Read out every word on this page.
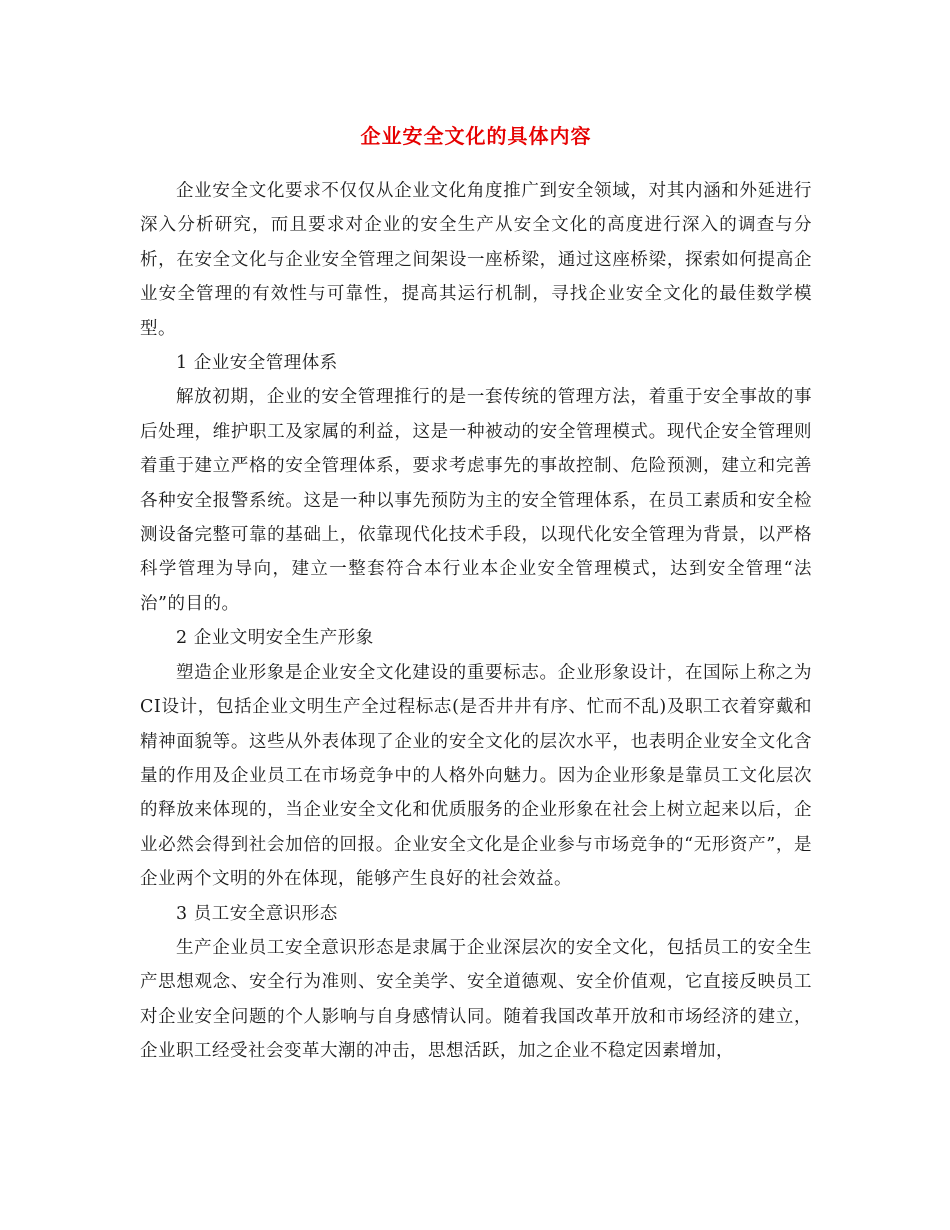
企业安全文化的具体内容

企业安全文化要求不仅仅从企业文化角度推广到安全领域，对其内涵和外延进行深入分析研究，而且要求对企业的安全生产从安全文化的高度进行深入的调查与分析，在安全文化与企业安全管理之间架设一座桥梁，通过这座桥梁，探索如何提高企业安全管理的有效性与可靠性，提高其运行机制，寻找企业安全文化的最佳数学模型。

1 企业安全管理体系

解放初期，企业的安全管理推行的是一套传统的管理方法，着重于安全事故的事后处理，维护职工及家属的利益，这是一种被动的安全管理模式。现代企安全管理则着重于建立严格的安全管理体系，要求考虑事先的事故控制、危险预测，建立和完善各种安全报警系统。这是一种以事先预防为主的安全管理体系，在员工素质和安全检测设备完整可靠的基础上，依靠现代化技术手段，以现代化安全管理为背景，以严格科学管理为导向，建立一整套符合本行业本企业安全管理模式，达到安全管理“法治”的目的。

2 企业文明安全生产形象

塑造企业形象是企业安全文化建设的重要标志。企业形象设计，在国际上称之为CI设计，包括企业文明生产全过程标志(是否井井有序、忙而不乱)及职工衣着穿戴和精神面貌等。这些从外表体现了企业的安全文化的层次水平，也表明企业安全文化含量的作用及企业员工在市场竞争中的人格外向魅力。因为企业形象是靠员工文化层次的释放来体现的，当企业安全文化和优质服务的企业形象在社会上树立起来以后，企业必然会得到社会加倍的回报。企业安全文化是企业参与市场竞争的“无形资产”，是企业两个文明的外在体现，能够产生良好的社会效益。

3 员工安全意识形态

生产企业员工安全意识形态是隶属于企业深层次的安全文化，包括员工的安全生产思想观念、安全行为准则、安全美学、安全道德观、安全价值观，它直接反映员工对企业安全问题的个人影响与自身感情认同。随着我国改革开放和市场经济的建立，企业职工经受社会变革大潮的冲击，思想活跃，加之企业不稳定因素增加，
